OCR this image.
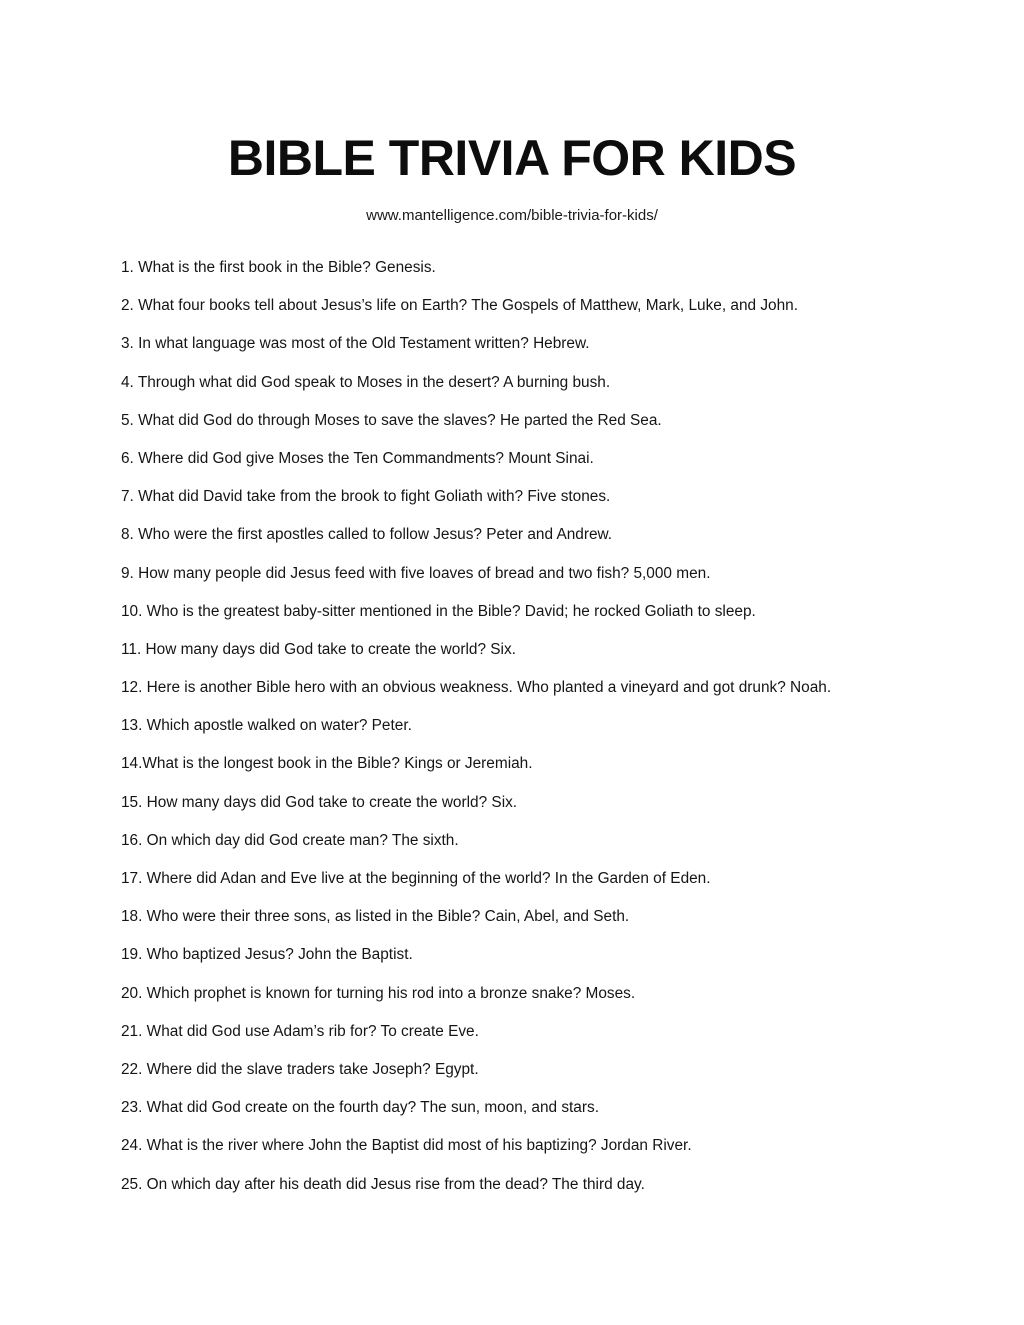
BIBLE TRIVIA FOR KIDS
www.mantelligence.com/bible-trivia-for-kids/
1. What is the first book in the Bible? Genesis.
2. What four books tell about Jesus’s life on Earth? The Gospels of Matthew, Mark, Luke, and John.
3. In what language was most of the Old Testament written? Hebrew.
4. Through what did God speak to Moses in the desert? A burning bush.
5. What did God do through Moses to save the slaves? He parted the Red Sea.
6. Where did God give Moses the Ten Commandments? Mount Sinai.
7. What did David take from the brook to fight Goliath with? Five stones.
8. Who were the first apostles called to follow Jesus? Peter and Andrew.
9. How many people did Jesus feed with five loaves of bread and two fish? 5,000 men.
10. Who is the greatest baby-sitter mentioned in the Bible? David; he rocked Goliath to sleep.
11. How many days did God take to create the world? Six.
12. Here is another Bible hero with an obvious weakness. Who planted a vineyard and got drunk? Noah.
13. Which apostle walked on water? Peter.
14.What is the longest book in the Bible? Kings or Jeremiah.
15. How many days did God take to create the world? Six.
16. On which day did God create man? The sixth.
17. Where did Adan and Eve live at the beginning of the world? In the Garden of Eden.
18. Who were their three sons, as listed in the Bible? Cain, Abel, and Seth.
19. Who baptized Jesus? John the Baptist.
20. Which prophet is known for turning his rod into a bronze snake? Moses.
21. What did God use Adam’s rib for? To create Eve.
22. Where did the slave traders take Joseph? Egypt.
23. What did God create on the fourth day? The sun, moon, and stars.
24. What is the river where John the Baptist did most of his baptizing? Jordan River.
25. On which day after his death did Jesus rise from the dead? The third day.
